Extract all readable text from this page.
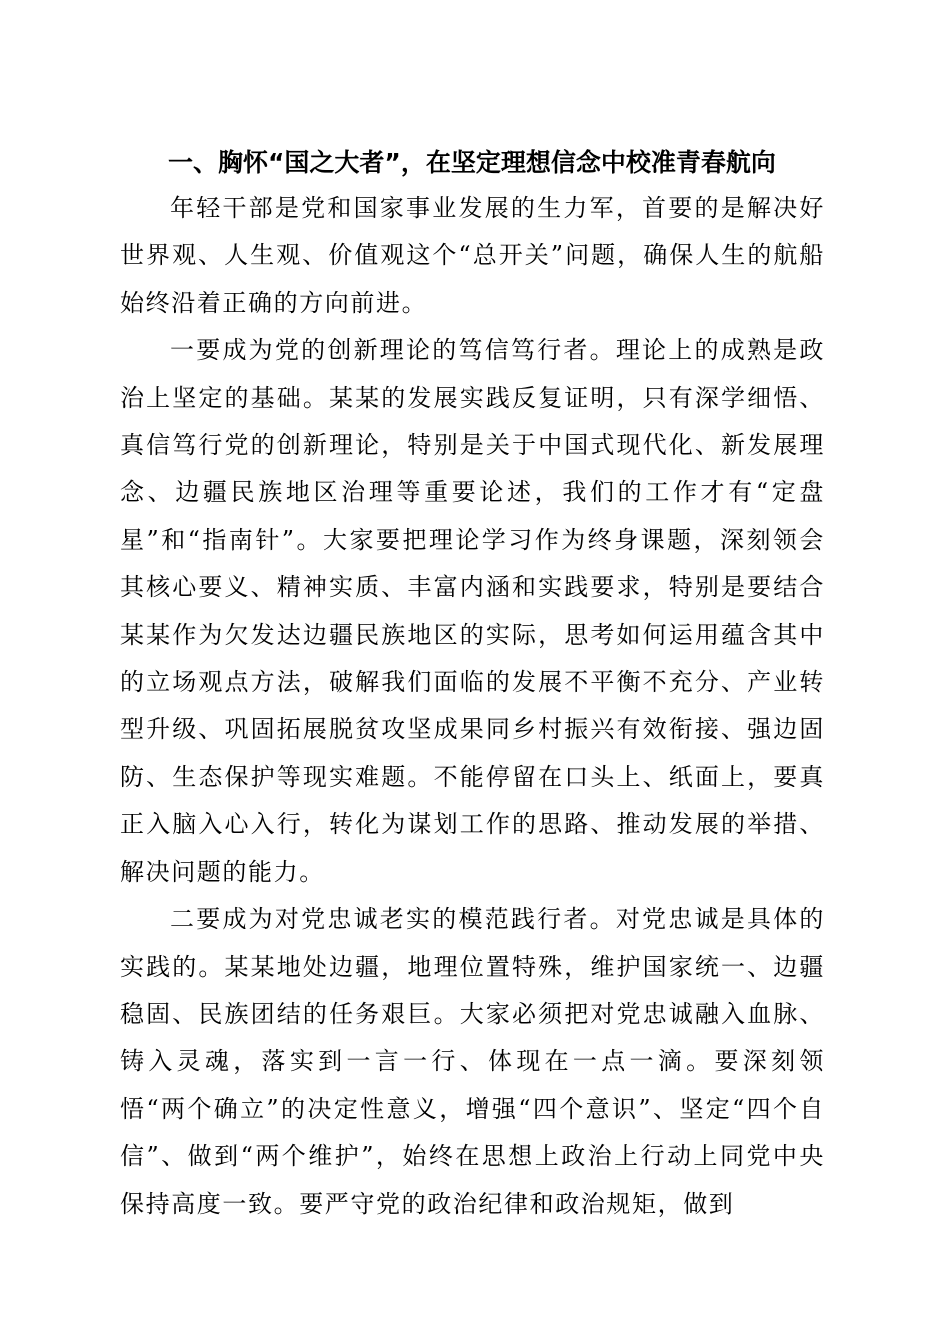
一、胸怀“国之大者”，在坚定理想信念中校准青春航向

年轻干部是党和国家事业发展的生力军，首要的是解决好世界观、人生观、价值观这个“总开关”问题，确保人生的航船始终沿着正确的方向前进。

一要成为党的创新理论的笃信笃行者。理论上的成熟是政治上坚定的基础。某某的发展实践反复证明，只有深学细悟、真信笃行党的创新理论，特别是关于中国式现代化、新发展理念、边疆民族地区治理等重要论述，我们的工作才有“定盘星”和“指南针”。大家要把理论学习作为终身课题，深刻领会其核心要义、精神实质、丰富内涵和实践要求，特别是要结合某某作为欠发达边疆民族地区的实际，思考如何运用蕴含其中的立场观点方法，破解我们面临的发展不平衡不充分、产业转型升级、巩固拓展脱贫攻坚成果同乡村振兴有效衔接、强边固防、生态保护等现实难题。不能停留在口头上、纸面上，要真正入脑入心入行，转化为谋划工作的思路、推动发展的举措、解决问题的能力。

二要成为对党忠诚老实的模范践行者。对党忠诚是具体的实践的。某某地处边疆，地理位置特殊，维护国家统一、边疆稳固、民族团结的任务艰巨。大家必须把对党忠诚融入血脉、铸入灵魂，落实到一言一行、体现在一点一滴。要深刻领悟“两个确立”的决定性意义，增强“四个意识”、坚定“四个自信”、做到“两个维护”，始终在思想上政治上行动上同党中央保持高度一致。要严守党的政治纪律和政治规矩，做到
